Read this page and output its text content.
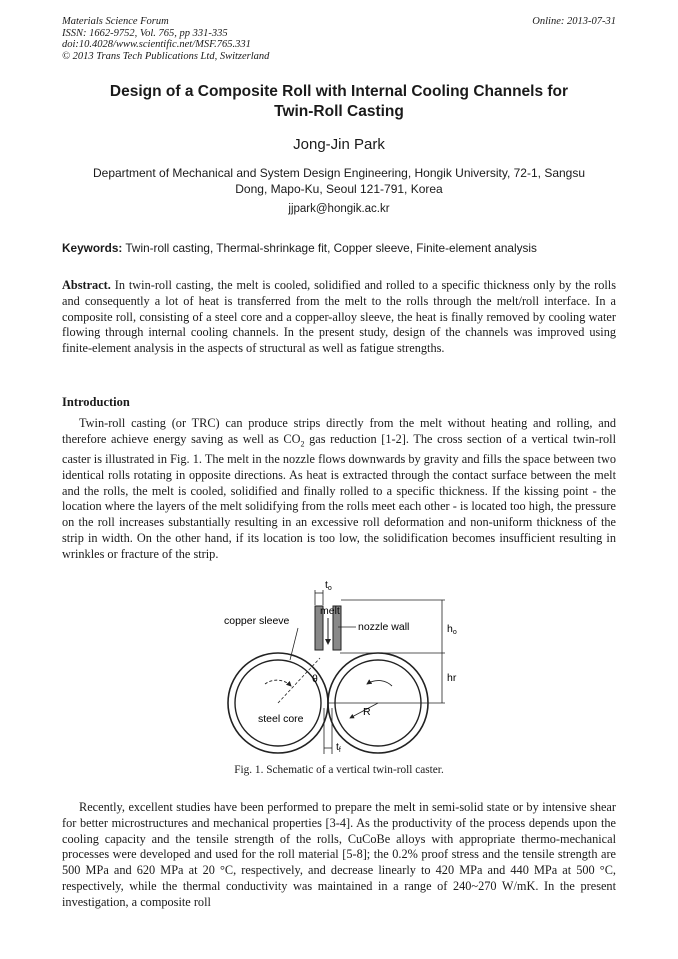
Materials Science Forum
ISSN: 1662-9752, Vol. 765, pp 331-335
doi:10.4028/www.scientific.net/MSF.765.331
© 2013 Trans Tech Publications Ltd, Switzerland
Online: 2013-07-31
Design of a Composite Roll with Internal Cooling Channels for
Twin-Roll Casting
Jong-Jin Park
Department of Mechanical and System Design Engineering, Hongik University, 72-1, Sangsu
Dong, Mapo-Ku, Seoul 121-791, Korea
jjpark@hongik.ac.kr
Keywords: Twin-roll casting, Thermal-shrinkage fit, Copper sleeve, Finite-element analysis
Abstract. In twin-roll casting, the melt is cooled, solidified and rolled to a specific thickness only by the rolls and consequently a lot of heat is transferred from the melt to the rolls through the melt/roll interface. In a composite roll, consisting of a steel core and a copper-alloy sleeve, the heat is finally removed by cooling water flowing through internal cooling channels. In the present study, design of the channels was improved using finite-element analysis in the aspects of structural as well as fatigue strengths.
Introduction
Twin-roll casting (or TRC) can produce strips directly from the melt without heating and rolling, and therefore achieve energy saving as well as $CO_2$ gas reduction [1-2]. The cross section of a vertical twin-roll caster is illustrated in Fig. 1. The melt in the nozzle flows downwards by gravity and fills the space between two identical rolls rotating in opposite directions. As heat is extracted through the contact surface between the melt and the rolls, the melt is cooled, solidified and finally rolled to a specific thickness. If the kissing point - the location where the layers of the melt solidifying from the rolls meet each other - is located too high, the pressure on the roll increases substantially resulting in an excessive roll deformation and non-uniform thickness of the strip in width. On the other hand, if its location is too low, the solidification becomes insufficient resulting in wrinkles or fracture of the strip.
copper sleeve
melt
nozzle wall
steel core
θ
R
to
ho
hr
tf
Fig. 1. Schematic of a vertical twin-roll caster.
Recently, excellent studies have been performed to prepare the melt in semi-solid state or by intensive shear for better microstructures and mechanical properties [3-4]. As the productivity of the process depends upon the cooling capacity and the tensile strength of the rolls, CuCoBe alloys with appropriate thermo-mechanical processes were developed and used for the roll material [5-8]; the 0.2% proof stress and the tensile strength are 500 MPa and 620 MPa at 20 °C, respectively, and decrease linearly to 420 MPa and 440 MPa at 500 °C, respectively, while the thermal conductivity was maintained in a range of 240~270 W/mK. In the present investigation, a composite roll
